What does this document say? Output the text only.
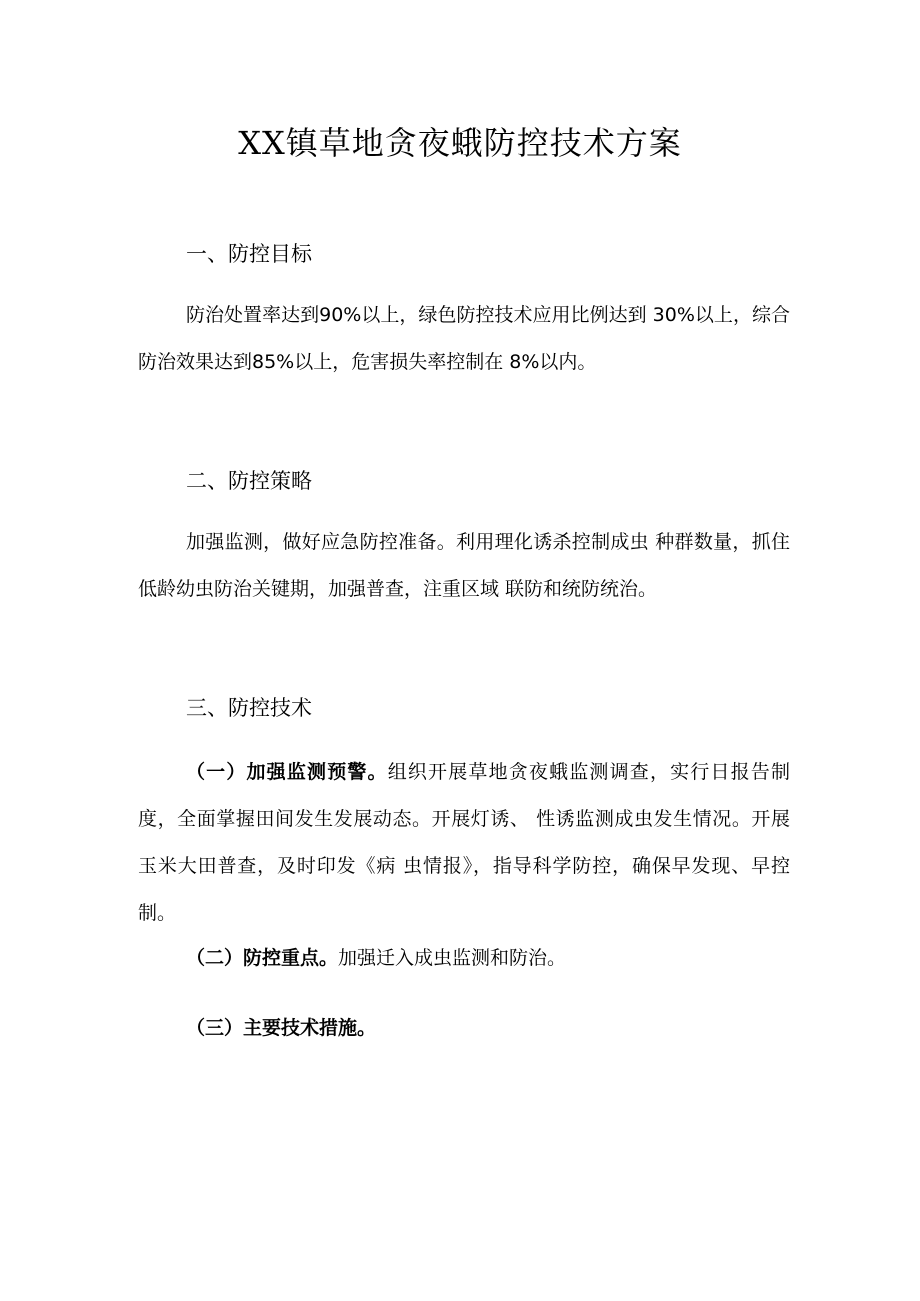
XX镇草地贪夜蛾防控技术方案
一、防控目标
防治处置率达到90%以上，绿色防控技术应用比例达到 30%以上，综合防治效果达到85%以上，危害损失率控制在 8%以内。
二、防控策略
加强监测，做好应急防控准备。利用理化诱杀控制成虫 种群数量，抓住低龄幼虫防治关键期，加强普查，注重区域 联防和统防统治。
三、防控技术
（一）加强监测预警。组织开展草地贪夜蛾监测调查，实行日报告制度，全面掌握田间发生发展动态。开展灯诱、 性诱监测成虫发生情况。开展玉米大田普查，及时印发《病 虫情报》，指导科学防控，确保早发现、早控制。
（二）防控重点。加强迁入成虫监测和防治。
（三）主要技术措施。
